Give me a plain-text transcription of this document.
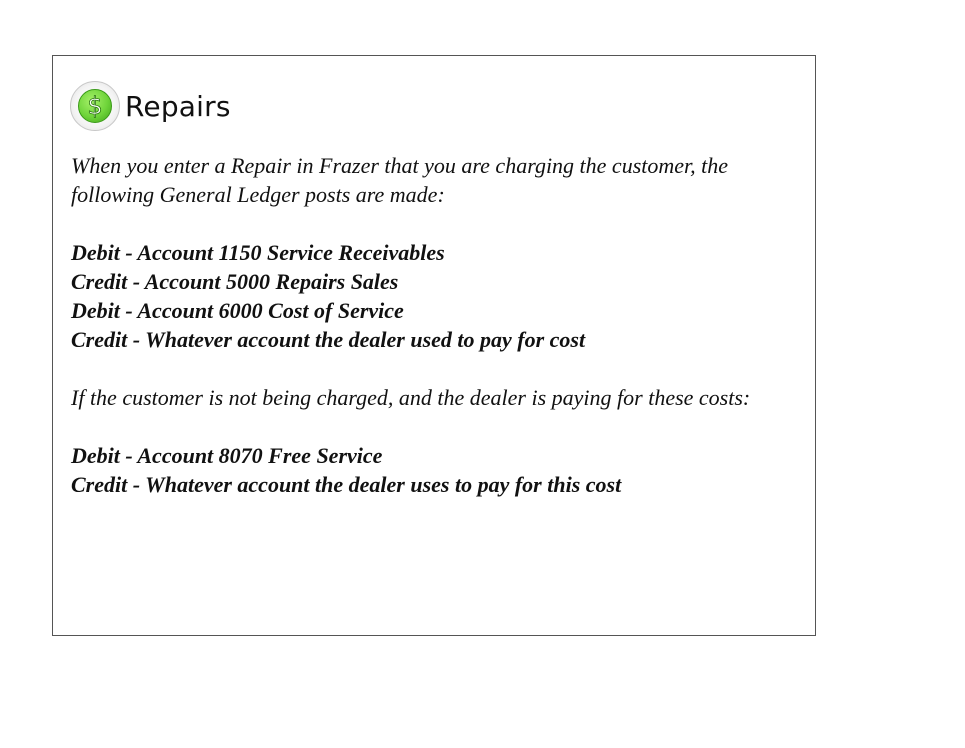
$ Repairs

When you enter a Repair in Frazer that you are charging the customer, the following General Ledger posts are made:

Debit - Account 1150 Service Receivables

Credit - Account 5000 Repairs Sales

Debit - Account 6000 Cost of Service

Credit - Whatever account the dealer used to pay for cost

If the customer is not being charged, and the dealer is paying for these costs:

Debit - Account 8070 Free Service

Credit - Whatever account the dealer uses to pay for this cost
